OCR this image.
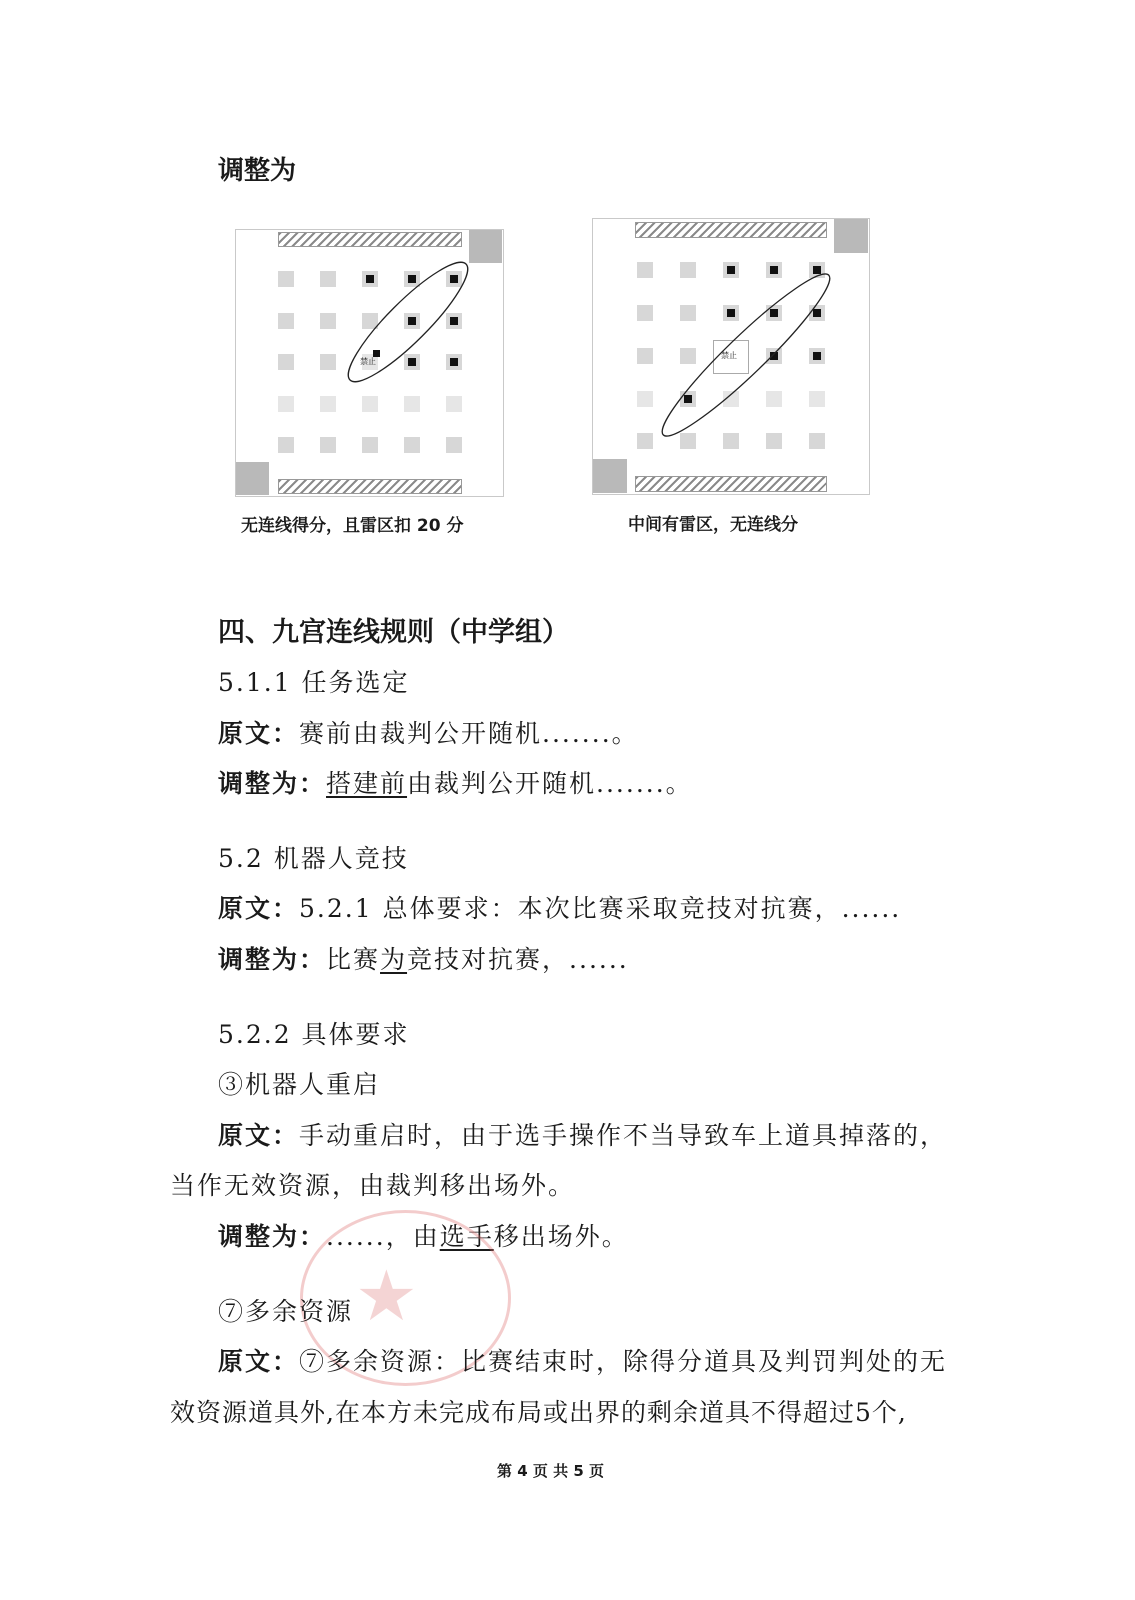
调整为
禁止
无连线得分，且雷区扣 20 分
禁止
中间有雷区，无连线分
四、九宫连线规则（中学组）
5.1.1 任务选定
原文：赛前由裁判公开随机.......。
调整为：搭建前由裁判公开随机.......。
5.2 机器人竞技
原文：5.2.1 总体要求：本次比赛采取竞技对抗赛，......
调整为：比赛为竞技对抗赛，......
5.2.2 具体要求
③机器人重启
原文：手动重启时，由于选手操作不当导致车上道具掉落的，
当作无效资源，由裁判移出场外。
调整为：......，由选手移出场外。
★
⑦多余资源
原文：⑦多余资源：比赛结束时，除得分道具及判罚判处的无
效资源道具外,在本方未完成布局或出界的剩余道具不得超过5个,
第 4 页 共 5 页
